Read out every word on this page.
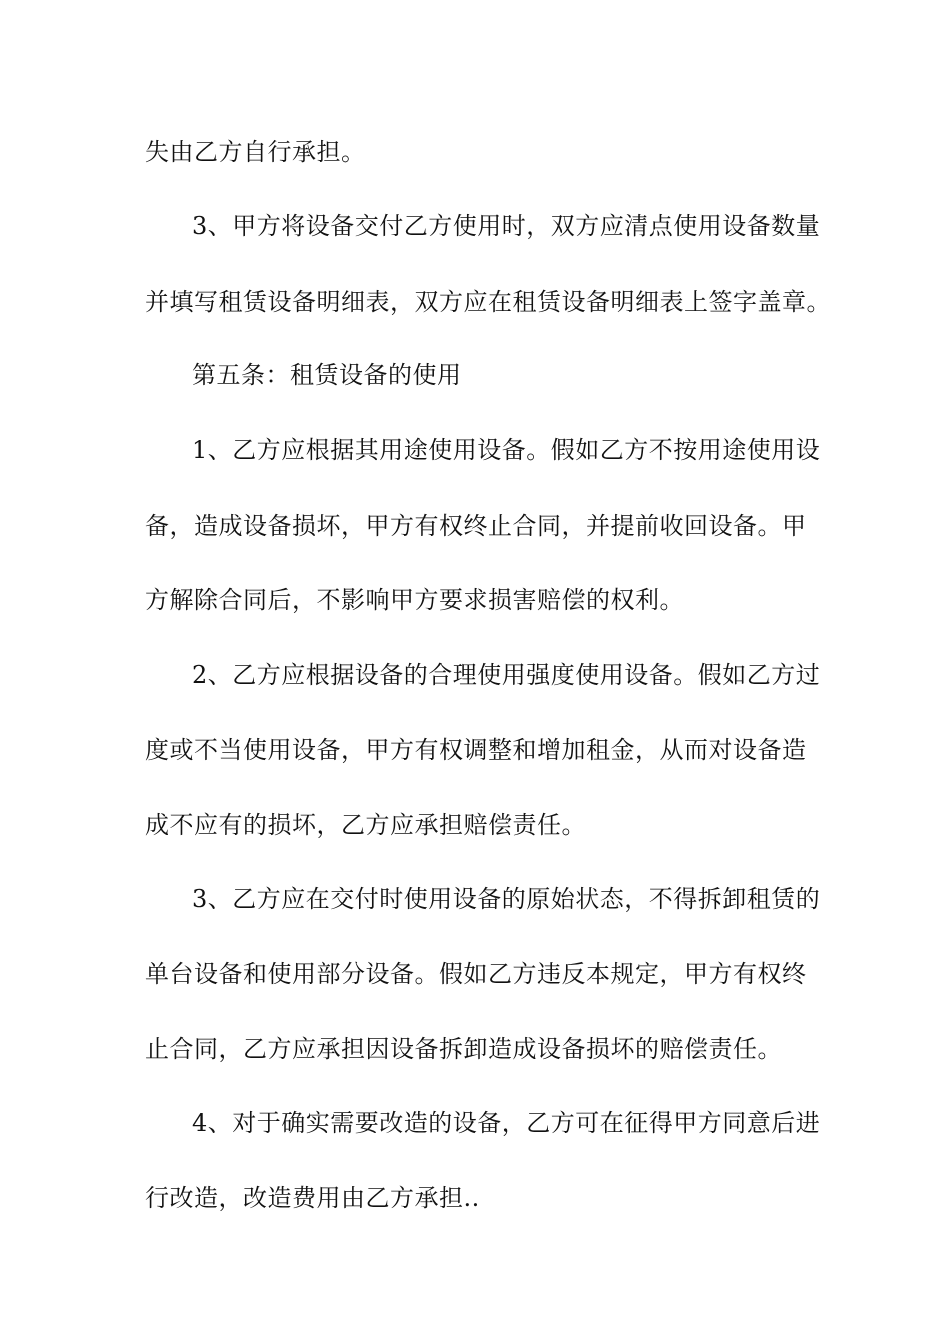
失由乙方自行承担。
3、甲方将设备交付乙方使用时，双方应清点使用设备数量
并填写租赁设备明细表，双方应在租赁设备明细表上签字盖章。
第五条：租赁设备的使用
1、乙方应根据其用途使用设备。假如乙方不按用途使用设
备，造成设备损坏，甲方有权终止合同，并提前收回设备。甲
方解除合同后，不影响甲方要求损害赔偿的权利。
2、乙方应根据设备的合理使用强度使用设备。假如乙方过
度或不当使用设备，甲方有权调整和增加租金，从而对设备造
成不应有的损坏，乙方应承担赔偿责任。
3、乙方应在交付时使用设备的原始状态，不得拆卸租赁的
单台设备和使用部分设备。假如乙方违反本规定，甲方有权终
止合同，乙方应承担因设备拆卸造成设备损坏的赔偿责任。
4、对于确实需要改造的设备，乙方可在征得甲方同意后进
行改造，改造费用由乙方承担..
